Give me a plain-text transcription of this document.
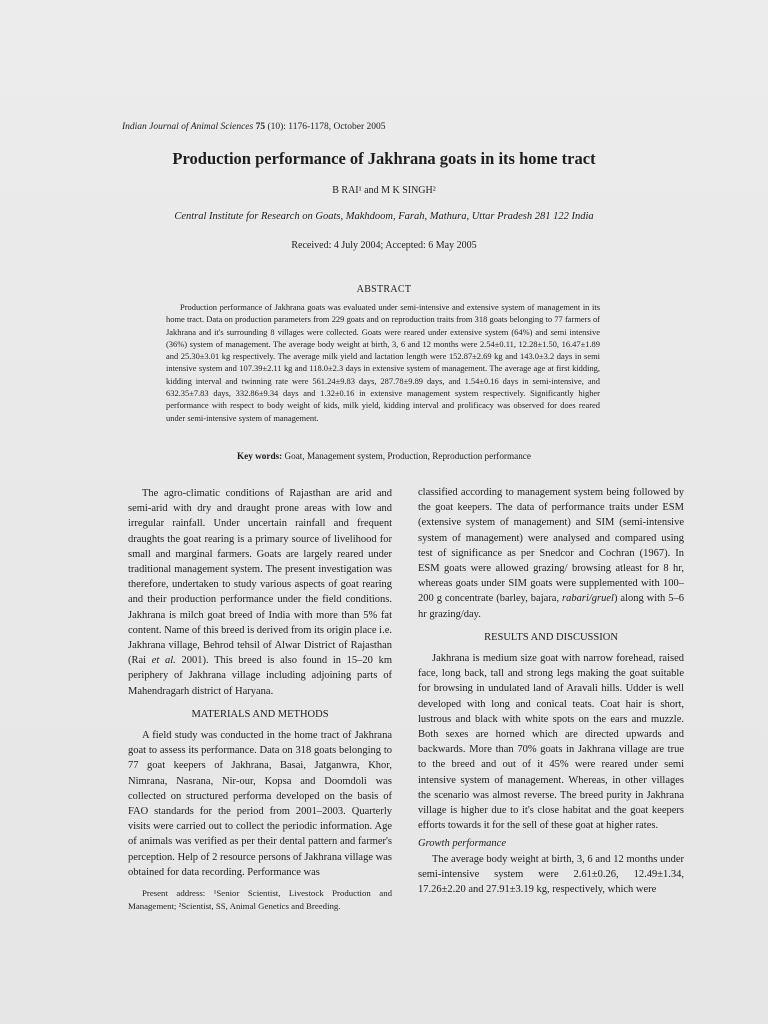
Indian Journal of Animal Sciences 75 (10): 1176-1178, October 2005
Production performance of Jakhrana goats in its home tract
B RAI¹ and M K SINGH²
Central Institute for Research on Goats, Makhdoom, Farah, Mathura, Uttar Pradesh 281 122 India
Received: 4 July 2004; Accepted: 6 May 2005
ABSTRACT

Production performance of Jakhrana goats was evaluated under semi-intensive and extensive system of management in its home tract. Data on production parameters from 229 goats and on reproduction traits from 318 goats belonging to 77 farmers of Jakhrana and it's surrounding 8 villages were collected. Goats were reared under extensive system (64%) and semi intensive (36%) system of management. The average body weight at birth, 3, 6 and 12 months were 2.54±0.11, 12.28±1.50, 16.47±1.89 and 25.30±3.01 kg respectively. The average milk yield and lactation length were 152.87±2.69 kg and 143.0±3.2 days in semi intensive system and 107.39±2.11 kg and 118.0±2.3 days in extensive system of management. The average age at first kidding, kidding interval and twinning rate were 561.24±9.83 days, 287.78±9.89 days, and 1.54±0.16 days in semi-intensive, and 632.35±7.83 days, 332.86±9.34 days and 1.32±0.16 in extensive management system respectively. Significantly higher performance with respect to body weight of kids, milk yield, kidding interval and prolificacy was observed for does reared under semi-intensive system of management.

Key words: Goat, Management system, Production, Reproduction performance

The agro-climatic conditions of Rajasthan are arid and semi-arid with dry and draught prone areas with low and irregular rainfall. Under uncertain rainfall and frequent draughts the goat rearing is a primary source of livelihood for small and marginal farmers. Goats are largely reared under traditional management system. The present investigation was therefore, undertaken to study various aspects of goat rearing and their production performance under the field conditions. Jakhrana is milch goat breed of India with more than 5% fat content. Name of this breed is derived from its origin place i.e. Jakhrana village, Behrod tehsil of Alwar District of Rajasthan (Rai et al. 2001). This breed is also found in 15–20 km periphery of Jakhrana village including adjoining parts of Mahendragarh district of Haryana.

MATERIALS AND METHODS

A field study was conducted in the home tract of Jakhrana goat to assess its performance. Data on 318 goats belonging to 77 goat keepers of Jakhrana, Basai, Jatganwra, Khor, Nimrana, Nasrana, Nir‐our, Kopsa and Doomdoli was collected on structured performa developed on the basis of FAO standards for the period from 2001–2003. Quarterly visits were carried out to collect the periodic information. Age of animals was verified as per their dental pattern and farmer's perception. Help of 2 resource persons of Jakhrana village was obtained for data recording. Performance was

Present address: ¹Senior Scientist, Livestock Production and Management; ²Scientist, SS, Animal Genetics and Breeding.

classified according to management system being followed by the goat keepers. The data of performance traits under ESM (extensive system of management) and SIM (semi-intensive system of management) were analysed and compared using test of significance as per Snedcor and Cochran (1967). In ESM goats were allowed grazing/ browsing atleast for 8 hr, whereas goats under SIM goats were supplemented with 100–200 g concentrate (barley, bajara, rabari/gruel) along with 5–6 hr grazing/day.

RESULTS AND DISCUSSION

Jakhrana is medium size goat with narrow forehead, raised face, long back, tall and strong legs making the goat suitable for browsing in undulated land of Aravali hills. Udder is well developed with long and conical teats. Coat hair is short, lustrous and black with white spots on the ears and muzzle. Both sexes are horned which are directed upwards and backwards. More than 70% goats in Jakhrana village are true to the breed and out of it 45% were reared under semi intensive system of management. Whereas, in other villages the scenario was almost reverse. The breed purity in Jakhrana village is higher due to it's close habitat and the goat keepers efforts towards it for the sell of these goat at higher rates.

Growth performance

The average body weight at birth, 3, 6 and 12 months under semi-intensive system were 2.61±0.26, 12.49±1.34, 17.26±2.20 and 27.91±3.19 kg, respectively, which were
